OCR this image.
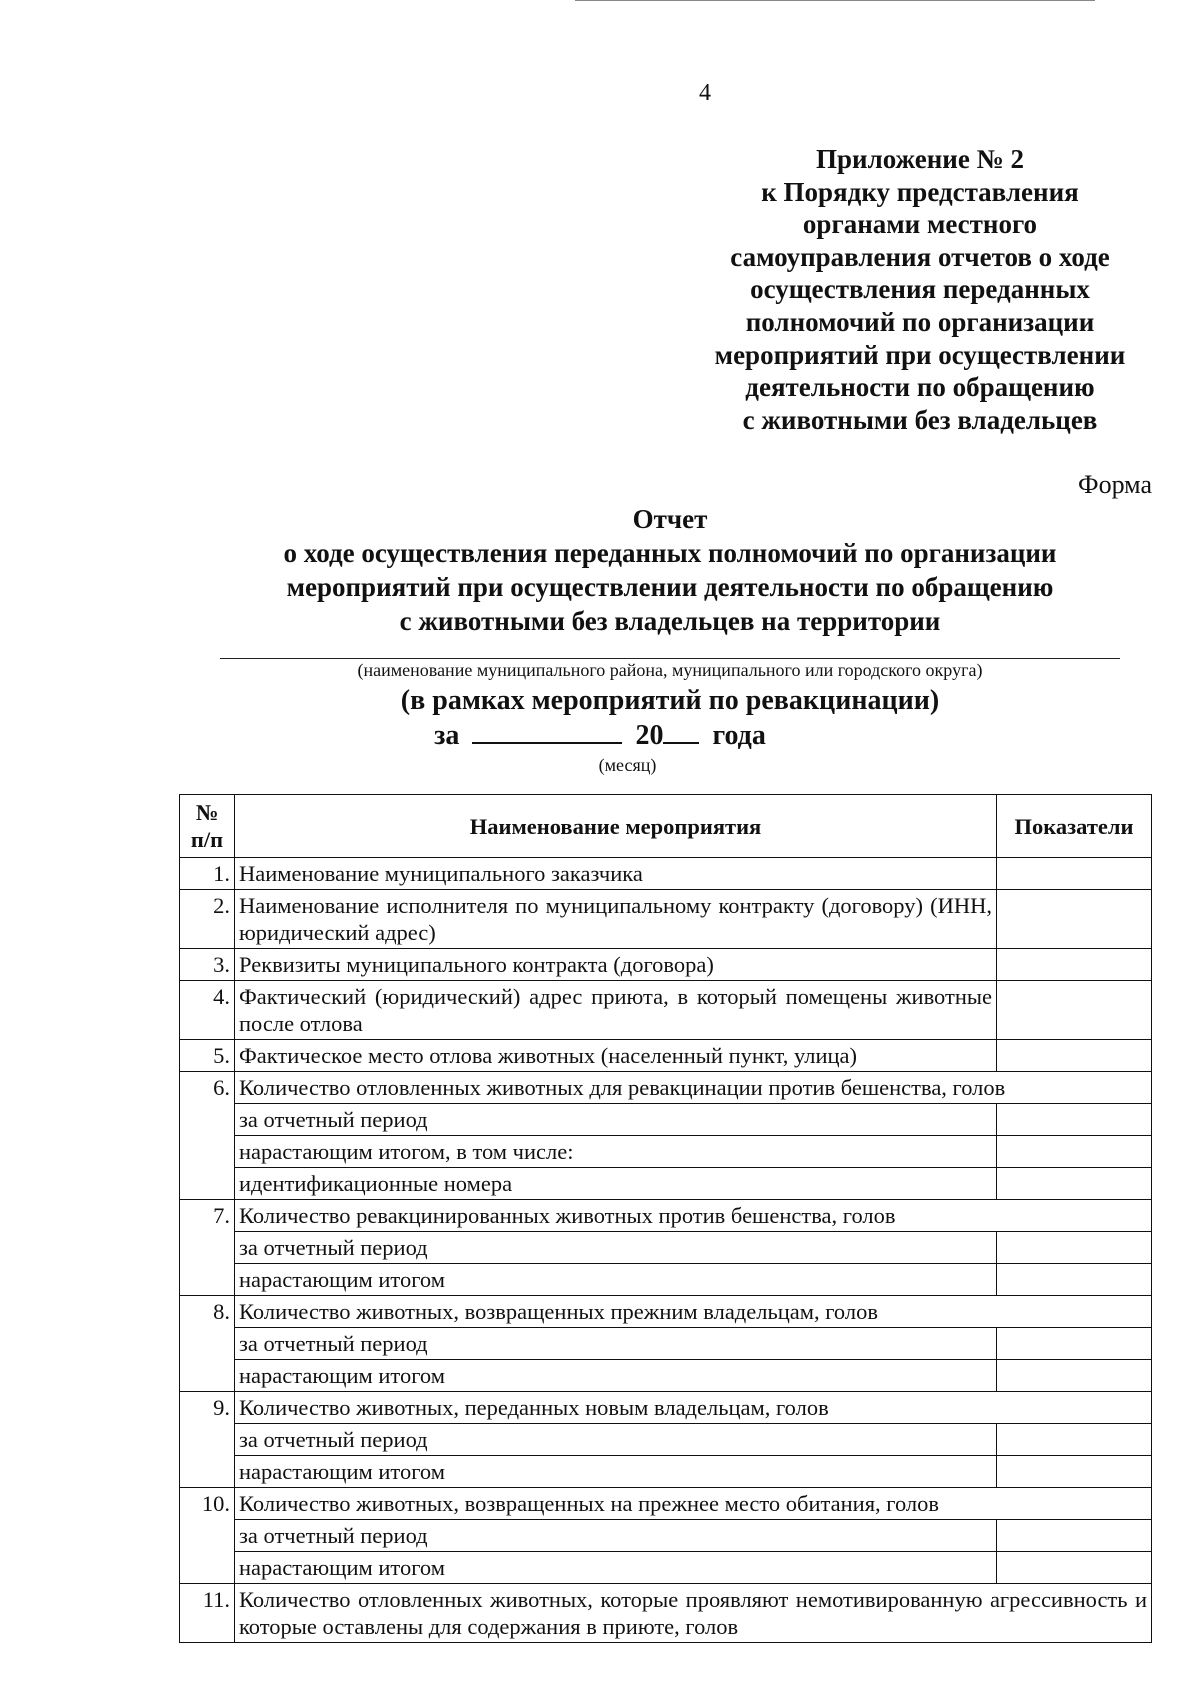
4
Приложение № 2
к Порядку представления
органами местного
самоуправления отчетов о ходе
осуществления переданных
полномочий по организации
мероприятий при осуществлении
деятельности по обращению
с животными без владельцев
Форма
Отчет
о ходе осуществления переданных полномочий по организации
мероприятий при осуществлении деятельности по обращению
с животными без владельцев на территории
(наименование муниципального района, муниципального или городского округа)
(в рамках мероприятий по ревакцинации)
за	20 года
(месяц)
№ п/п	Наименование мероприятия	Показатели
1.	Наименование муниципального заказчика	
2.	Наименование исполнителя по муниципальному контракту (договору) (ИНН, юридический адрес)	
3.	Реквизиты муниципального контракта (договора)	
4.	Фактический (юридический) адрес приюта, в который помещены животные после отлова	
5.	Фактическое место отлова животных (населенный пункт, улица)	
6.	Количество отловленных животных для ревакцинации против бешенства, голов	
	за отчетный период	
	нарастающим итогом, в том числе:	
	идентификационные номера	
7.	Количество ревакцинированных животных против бешенства, голов	
	за отчетный период	
	нарастающим итогом	
8.	Количество животных, возвращенных прежним владельцам, голов	
	за отчетный период	
	нарастающим итогом	
9.	Количество животных, переданных новым владельцам, голов	
	за отчетный период	
	нарастающим итогом	
10.	Количество животных, возвращенных на прежнее место обитания, голов	
	за отчетный период	
	нарастающим итогом	
11.	Количество отловленных животных, которые проявляют немотивированную агрессивность и которые оставлены для содержания в приюте, голов	
